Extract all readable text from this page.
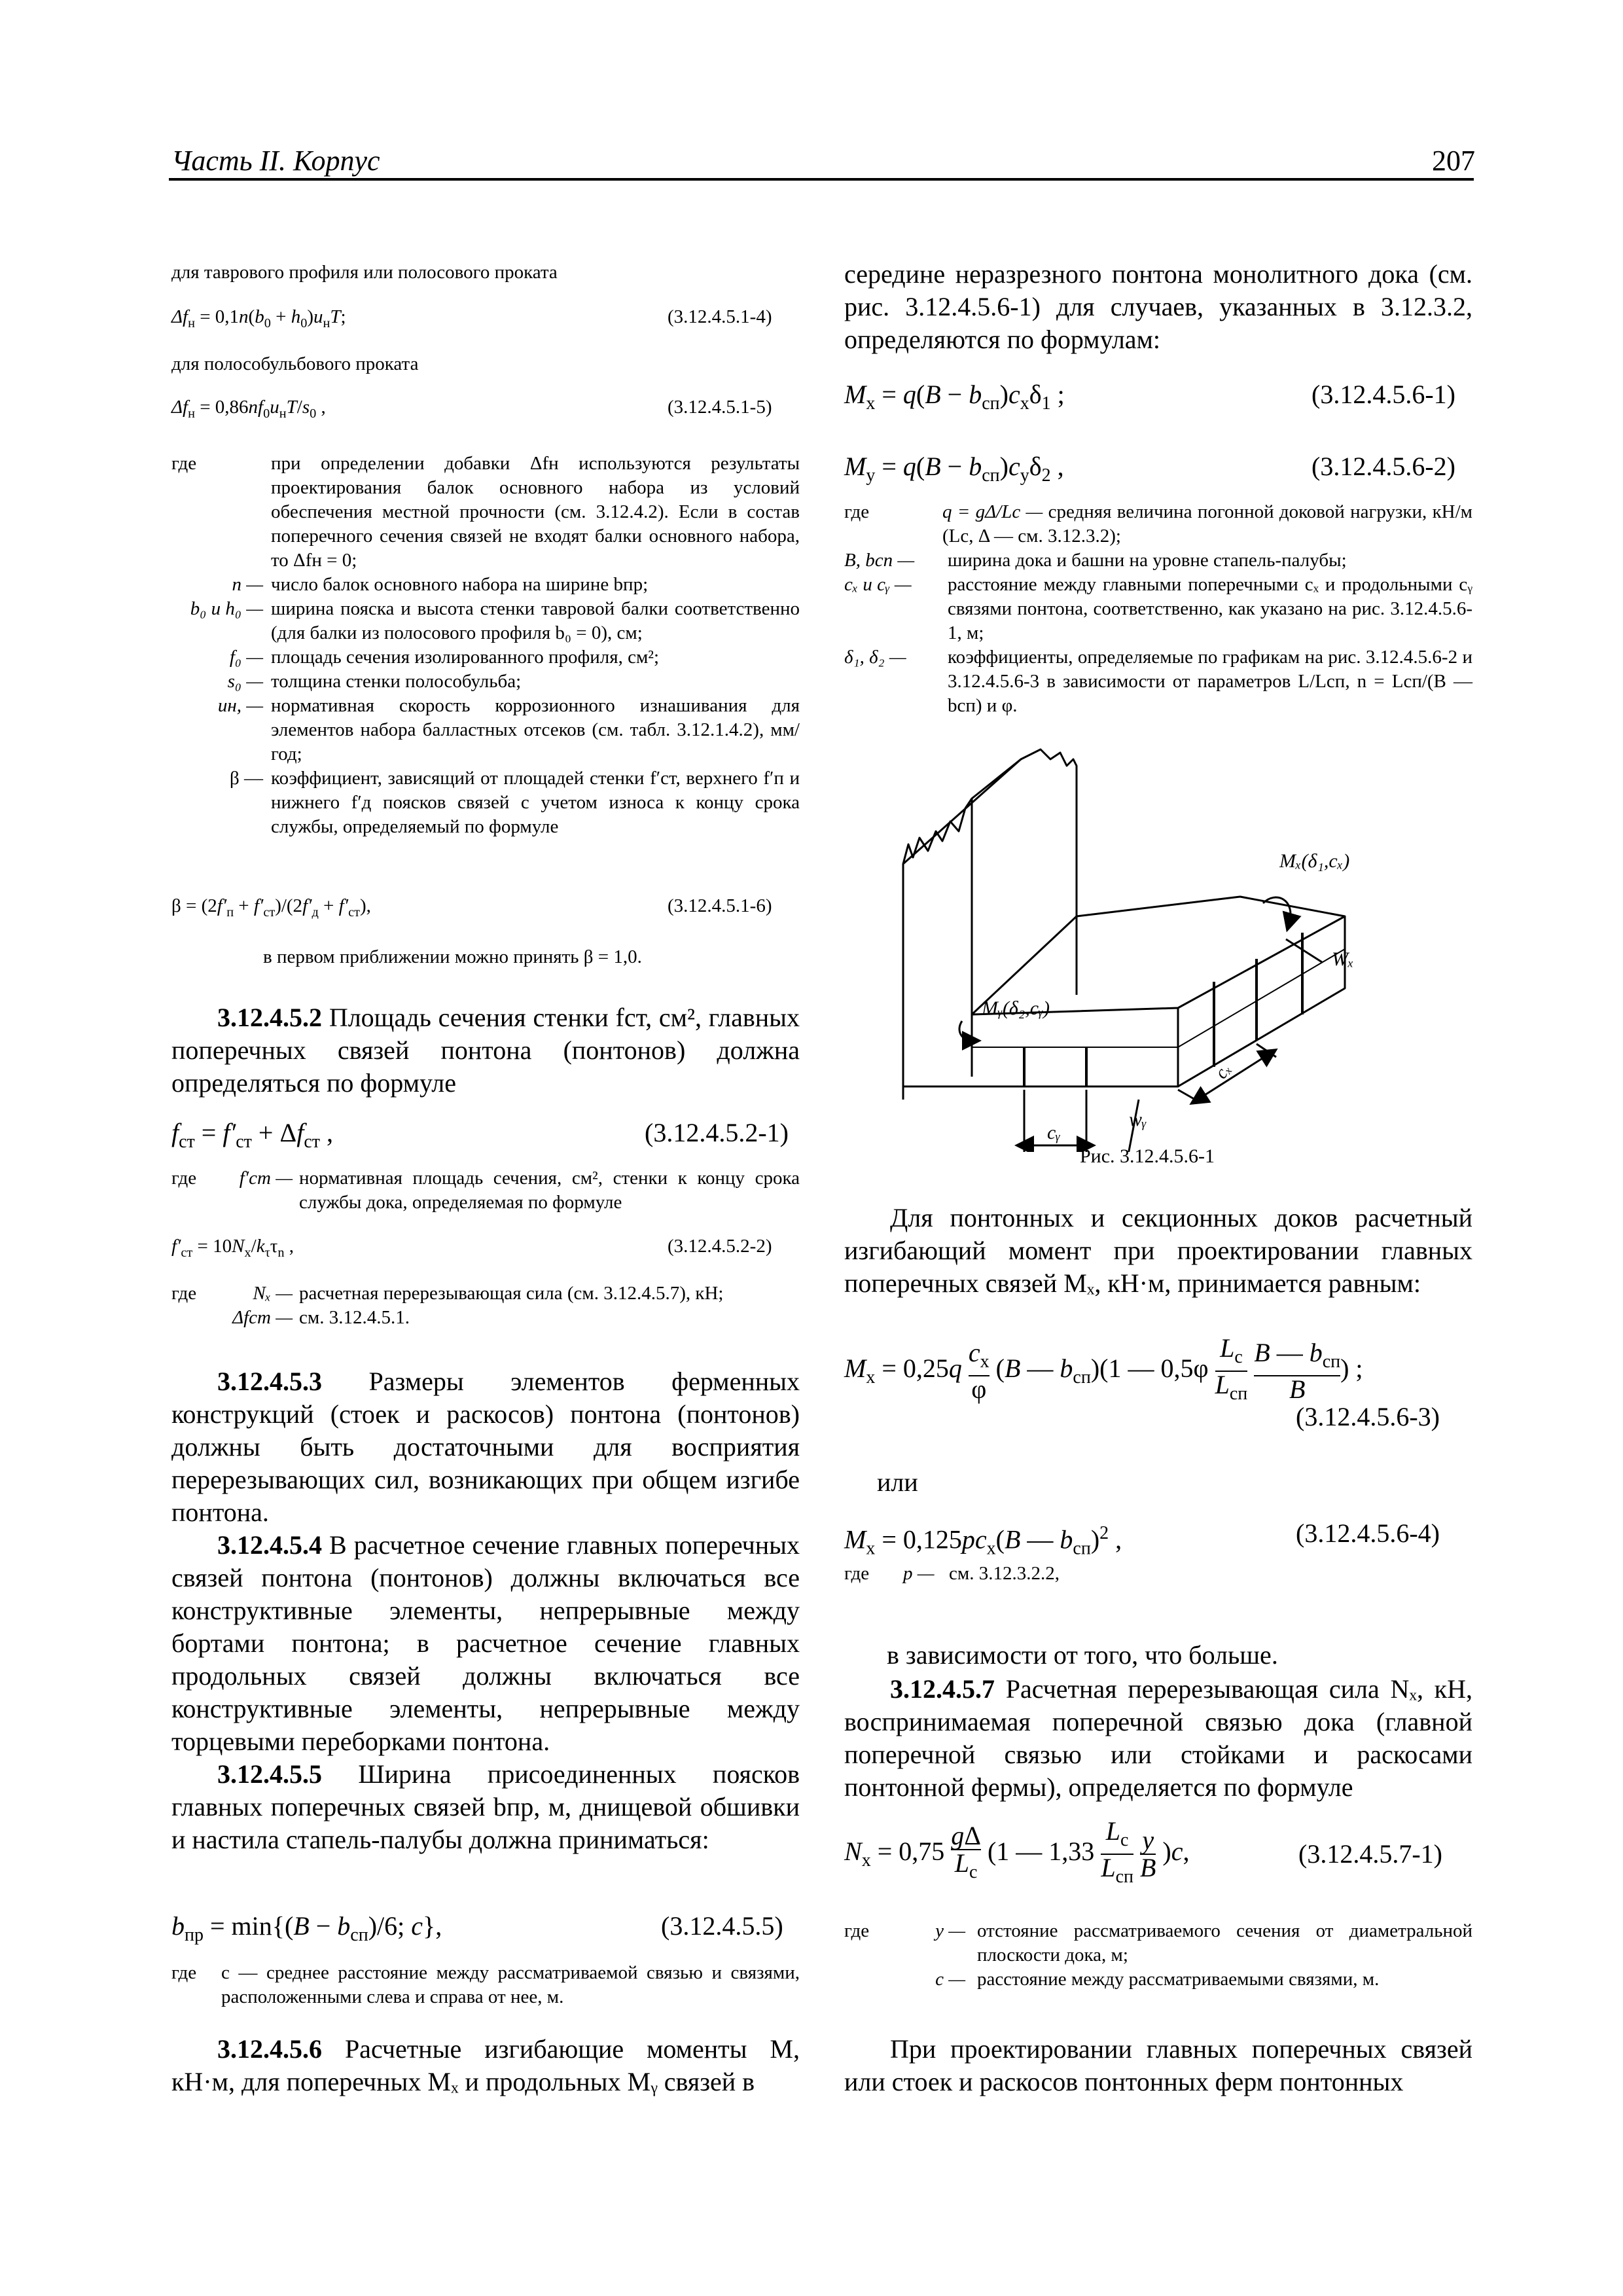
Часть II. Корпус	207
для таврового профиля или полосового проката
$\Delta f_н = 0,1n(b_0 + h_0)u_нT$;	(3.12.4.5.1-4)
для полособульбового проката
$\Delta f_н = 0,86nf_0u_нT/s_0$ ,	(3.12.4.5.1-5)
где	при определении добавки Δfн используются результаты проектирования балок основного набора из условий обеспечения местной прочности (см. 3.12.4.2). Если в состав поперечного сечения связей не входят балки основного набора, то Δfн = 0;
n — число балок основного набора на ширине bпр;
b₀ и h₀ — ширина пояска и высота стенки тавровой балки соответственно (для балки из полосового профиля b₀ = 0), см;
f₀ — площадь сечения изолированного профиля, см²;
s₀ — толщина стенки полособульба;
uн, — нормативная скорость коррозионного изнашивания для элементов набора балластных отсеков (см. табл. 3.12.1.4.2), мм/год;
β — коэффициент, зависящий от площадей стенки f′ст, верхнего f′п и нижнего f′д поясков связей с учетом износа к концу срока службы, определяемый по формуле
$\beta = (2f'_п + f'_{ст})/(2f'_д + f'_{ст})$,	(3.12.4.5.1-6)
в первом приближении можно принять β = 1,0.
3.12.4.5.2 Площадь сечения стенки fст, см², главных поперечных связей понтона (понтонов) должна определяться по формуле
$f_{ст} = f'_{ст} + \Delta f_{ст}$ ,	(3.12.4.5.2-1)
где	f′ст — нормативная площадь сечения, см², стенки к концу срока службы дока, определяемая по формуле
$f'_{ст} = 10N_x/k_\tau\tau_n$ ,	(3.12.4.5.2-2)
где	Nₓ — расчетная перерезывающая сила (см. 3.12.4.5.7), кН;
Δfст — см. 3.12.4.5.1.
3.12.4.5.3 Размеры элементов ферменных конструкций (стоек и раскосов) понтона (понтонов) должны быть достаточными для восприятия перерезывающих сил, возникающих при общем изгибе понтона.
3.12.4.5.4 В расчетное сечение главных поперечных связей понтона (понтонов) должны включаться все конструктивные элементы, непрерывные между бортами понтона; в расчетное сечение главных продольных связей должны включаться все конструктивные элементы, непрерывные между торцевыми переборками понтона.
3.12.4.5.5 Ширина присоединенных поясков главных поперечных связей bпр, м, днищевой обшивки и настила стапель-палубы должна приниматься:
$b_{пр} = \min\{(B - b_{сп})/6$; c},	(3.12.4.5.5)
где c — среднее расстояние между рассматриваемой связью и связями, расположенными слева и справа от нее, м.
3.12.4.5.6 Расчетные изгибающие моменты M, кН·м, для поперечных Mₓ и продольных Mᵧ связей в
середине неразрезного понтона монолитного дока (см. рис. 3.12.4.5.6-1) для случаев, указанных в 3.12.3.2, определяются по формулам:
$M_x = q(B - b_{сп})c_x\delta_1$ ;	(3.12.4.5.6-1)
$M_y = q(B - b_{сп})c_y\delta_2$ ,	(3.12.4.5.6-2)
где	q = gΔ/Lс — средняя величина погонной доковой нагрузки, кН/м (Lс, Δ — см. 3.12.3.2);
B, bсп —	ширина дока и башни на уровне стапель-палубы;
cₓ и cᵧ —	расстояние между главными поперечными cₓ и продольными cᵧ связями понтона, соответственно, как указано на рис. 3.12.4.5.6-1, м;
δ₁, δ₂ —	коэффициенты, определяемые по графикам на рис. 3.12.4.5.6-2 и 3.12.4.5.6-3 в зависимости от параметров L/Lсп, n = Lсп/(B — bсп) и φ.
Mₓ(δ₁,cₓ)
Wₓ
Mᵧ(δ₂,cᵧ)
cᵧ
wᵧ
cₓ
Рис. 3.12.4.5.6-1
Для понтонных и секционных доков расчетный изгибающий момент при проектировании главных поперечных связей Mₓ, кН·м, принимается равным:
$M_x = 0,25q \frac{c_x}{\varphi} (B$ — $b_{сп})(1$ — 0,5φ
$L_с$
$L_{сп}$

B — $b_{сп}$
B
) ;
(3.12.4.5.6-3)
или
$M_x = 0,125pc_x(B$ — $b_{сп})^2$ ,	(3.12.4.5.6-4)
где p — см. 3.12.3.2.2,
в зависимости от того, что больше.
3.12.4.5.7 Расчетная перерезывающая сила Nₓ, кН, воспринимаемая поперечной связью дока (главной поперечной связью или стойками и раскосами понтонной фермы), определяется по формуле
$N_x = 0,75$
gΔ
$L_с$
(1 — 1,33
$L_с$
$L_{сп}$
$\frac{y}{B} )c$,	(3.12.4.5.7-1)
где	y — отстояние рассматриваемого сечения от диаметральной плоскости дока, м;
c — расстояние между рассматриваемыми связями, м.
При проектировании главных поперечных связей или стоек и раскосов понтонных ферм понтонных
